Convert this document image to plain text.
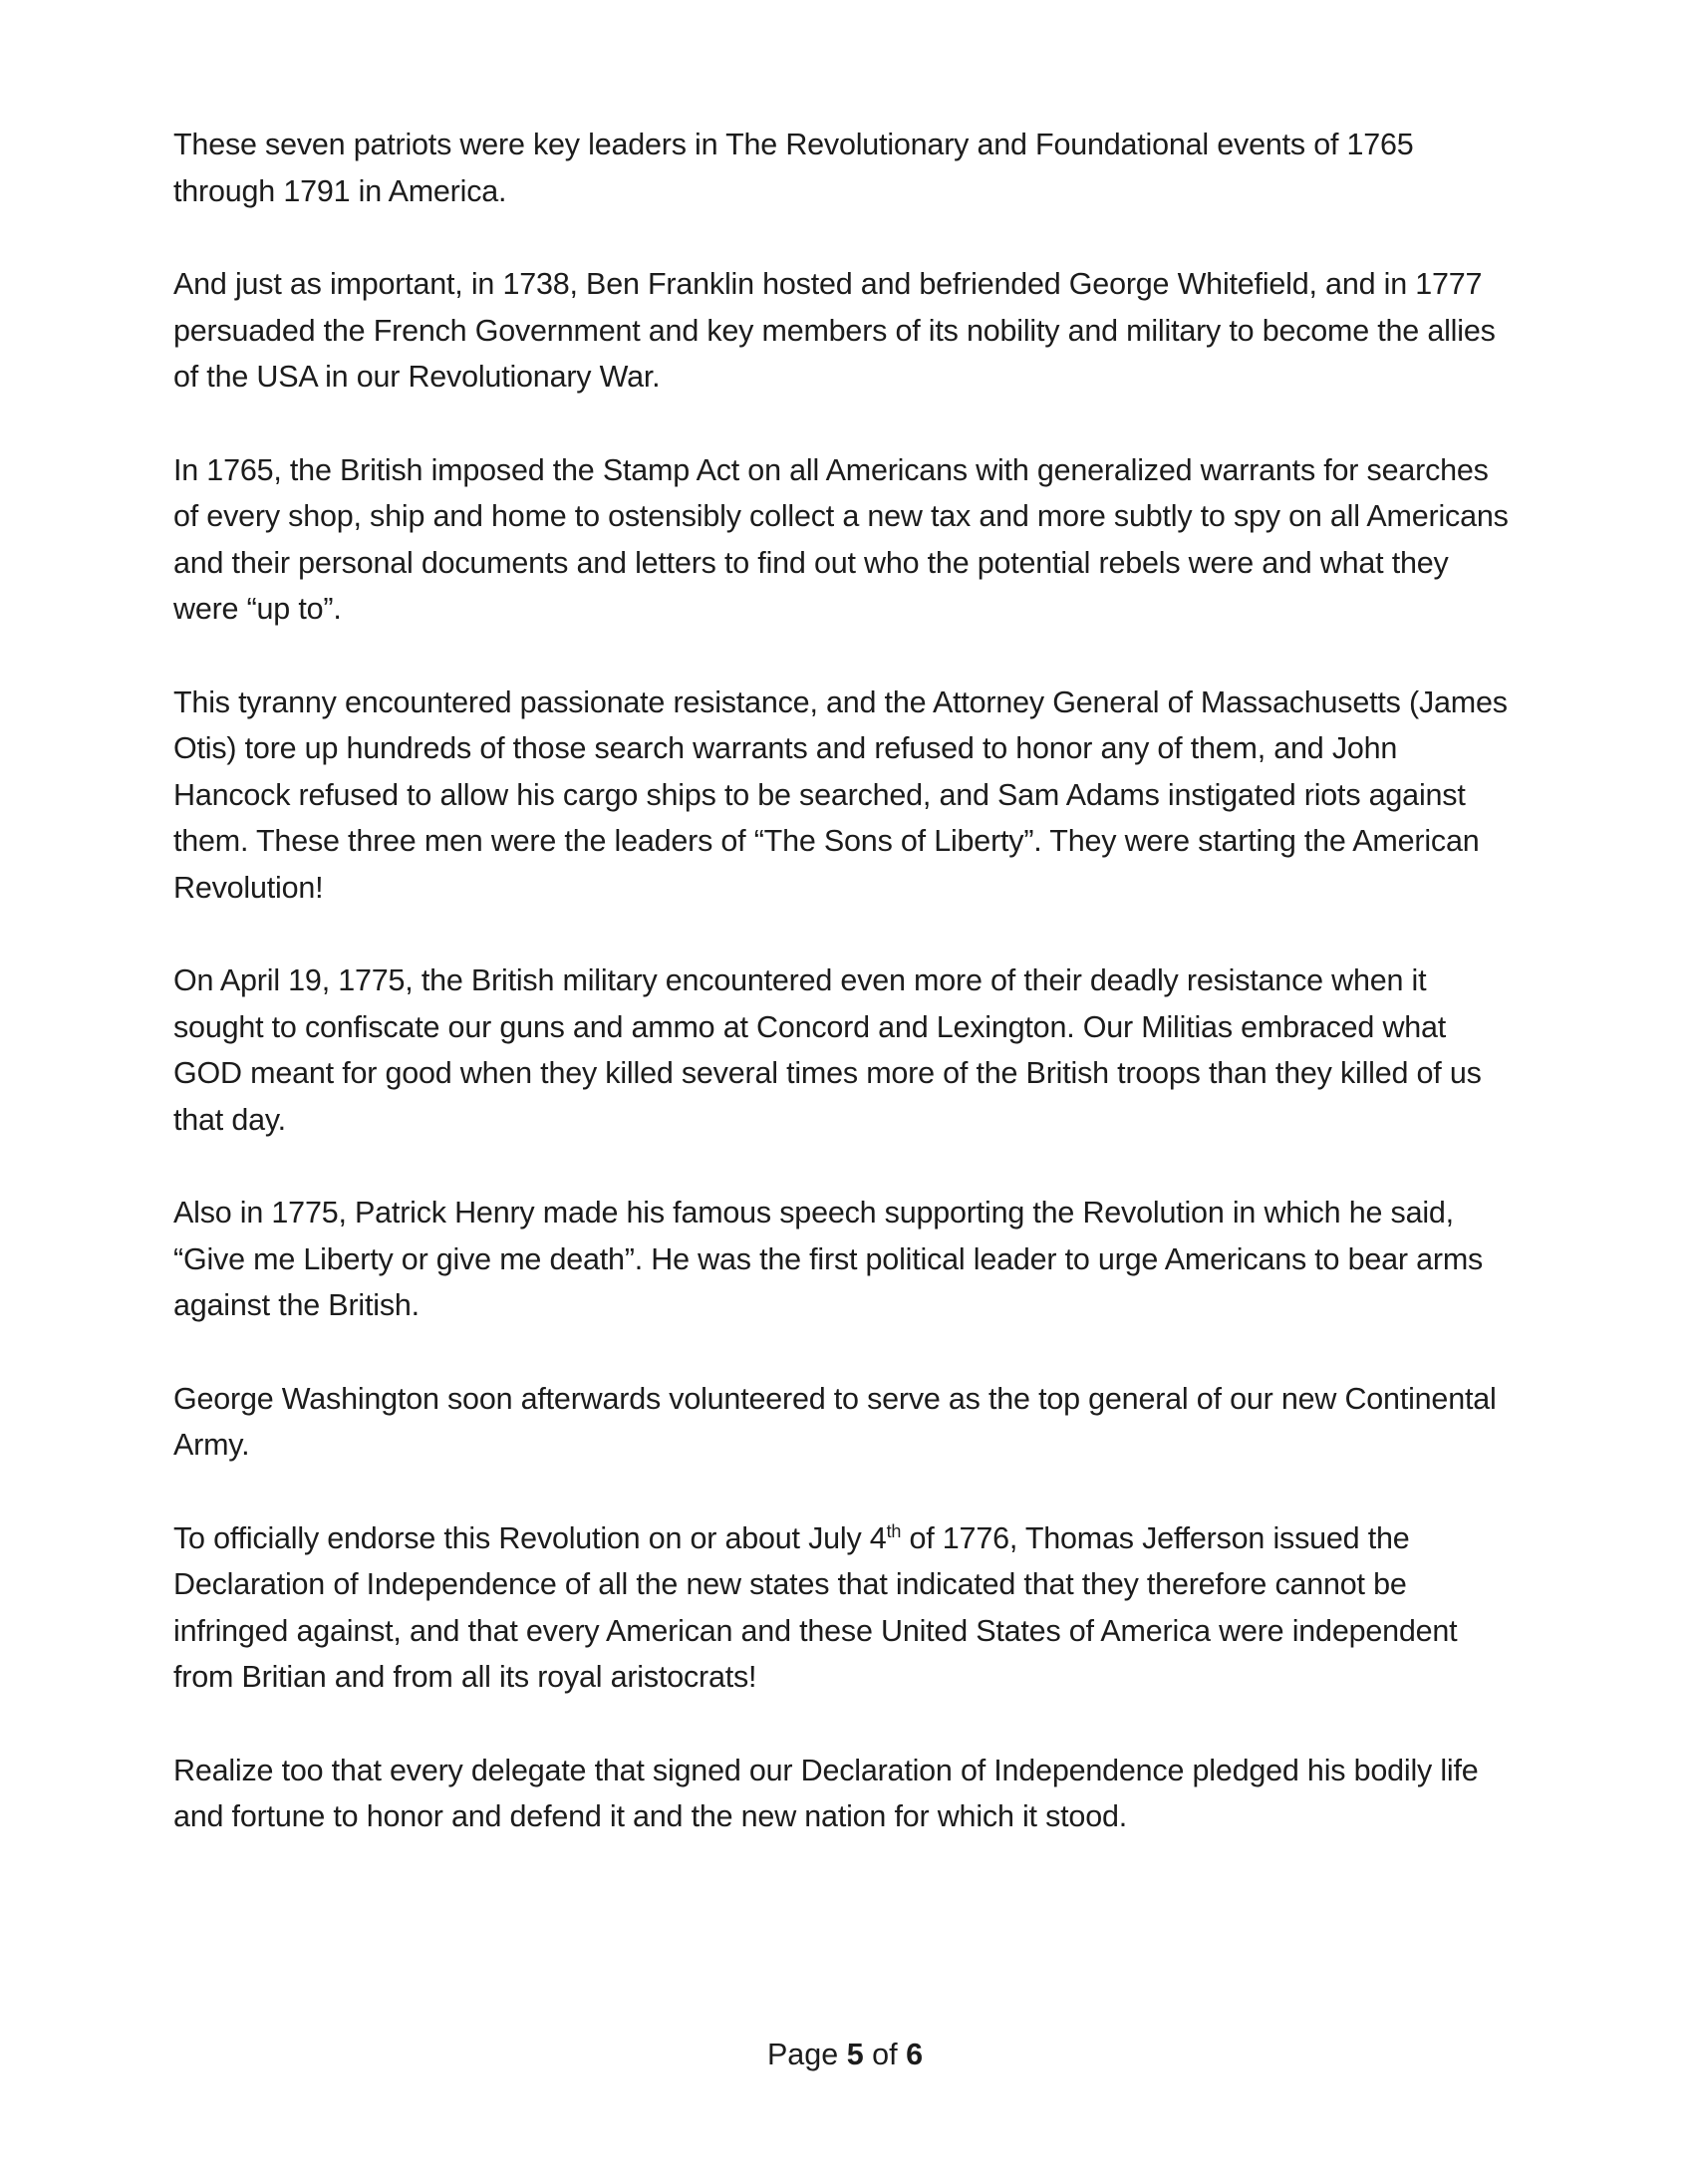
These seven patriots were key leaders in The Revolutionary and Foundational events of 1765 through 1791 in America.

And just as important, in 1738, Ben Franklin hosted and befriended George Whitefield, and in 1777 persuaded the French Government and key members of its nobility and military to become the allies of the USA in our Revolutionary War.

In 1765, the British imposed the Stamp Act on all Americans with generalized warrants for searches of every shop, ship and home to ostensibly collect a new tax and more subtly to spy on all Americans and their personal documents and letters to find out who the potential rebels were and what they were “up to”.

This tyranny encountered passionate resistance, and the Attorney General of Massachusetts (James Otis) tore up hundreds of those search warrants and refused to honor any of them, and John Hancock refused to allow his cargo ships to be searched, and Sam Adams instigated riots against them. These three men were the leaders of “The Sons of Liberty”. They were starting the American Revolution!

On April 19, 1775, the British military encountered even more of their deadly resistance when it sought to confiscate our guns and ammo at Concord and Lexington. Our Militias embraced what GOD meant for good when they killed several times more of the British troops than they killed of us that day.

Also in 1775, Patrick Henry made his famous speech supporting the Revolution in which he said, “Give me Liberty or give me death”. He was the first political leader to urge Americans to bear arms against the British.

George Washington soon afterwards volunteered to serve as the top general of our new Continental Army.

To officially endorse this Revolution on or about July 4th of 1776, Thomas Jefferson issued the Declaration of Independence of all the new states that indicated that they therefore cannot be infringed against, and that every American and these United States of America were independent from Britian and from all its royal aristocrats!

Realize too that every delegate that signed our Declaration of Independence pledged his bodily life and fortune to honor and defend it and the new nation for which it stood.

Page 5 of 6
